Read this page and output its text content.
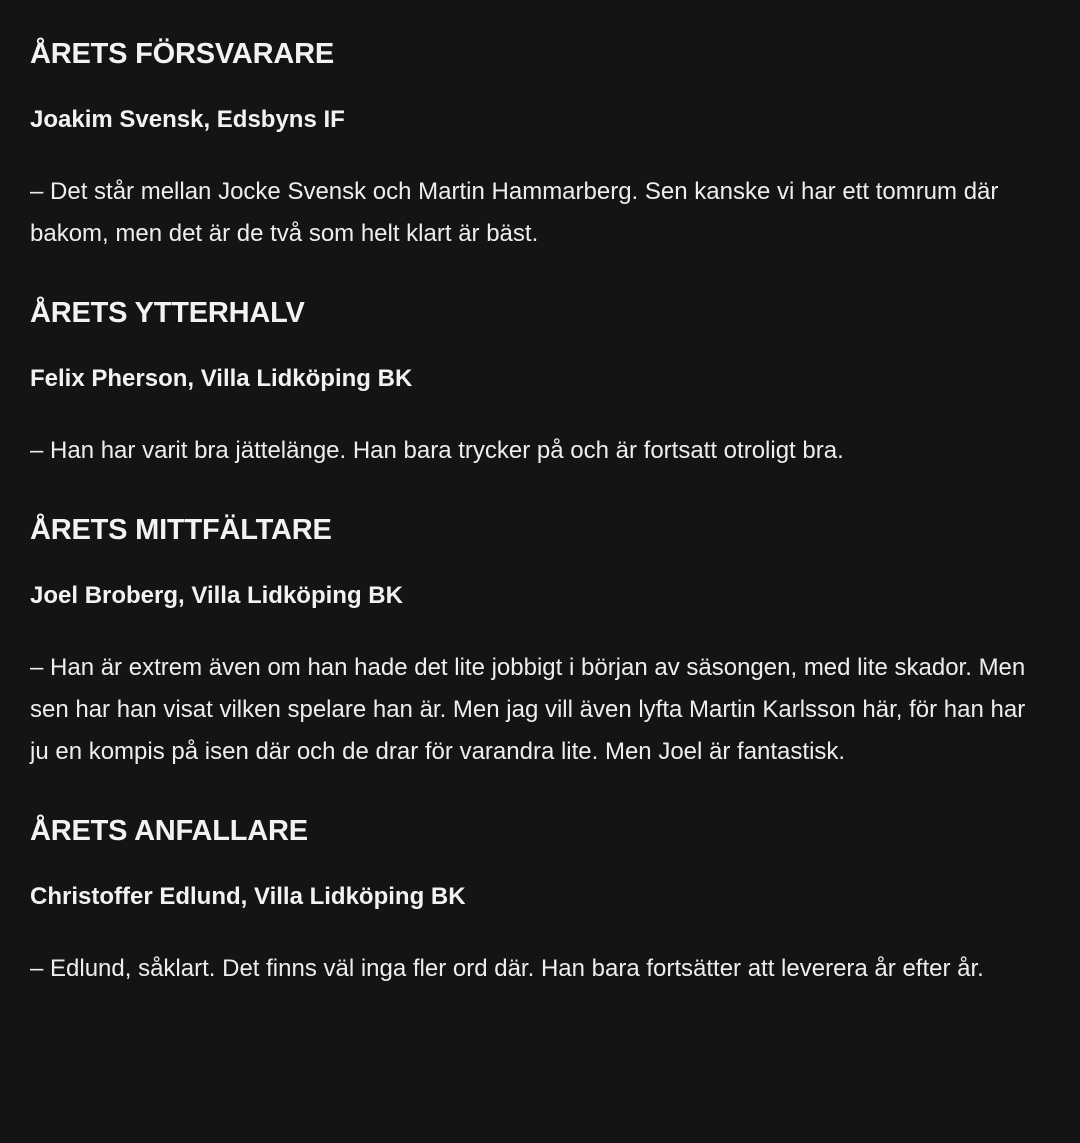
ÅRETS FÖRSVARARE

Joakim Svensk, Edsbyns IF

– Det står mellan Jocke Svensk och Martin Hammarberg. Sen kanske vi har ett tomrum där bakom, men det är de två som helt klart är bäst.

ÅRETS YTTERHALV

Felix Pherson, Villa Lidköping BK

– Han har varit bra jättelänge. Han bara trycker på och är fortsatt otroligt bra.

ÅRETS MITTFÄLTARE

Joel Broberg, Villa Lidköping BK

– Han är extrem även om han hade det lite jobbigt i början av säsongen, med lite skador. Men sen har han visat vilken spelare han är. Men jag vill även lyfta Martin Karlsson här, för han har ju en kompis på isen där och de drar för varandra lite. Men Joel är fantastisk.

ÅRETS ANFALLARE

Christoffer Edlund, Villa Lidköping BK

– Edlund, såklart. Det finns väl inga fler ord där. Han bara fortsätter att leverera år efter år.
